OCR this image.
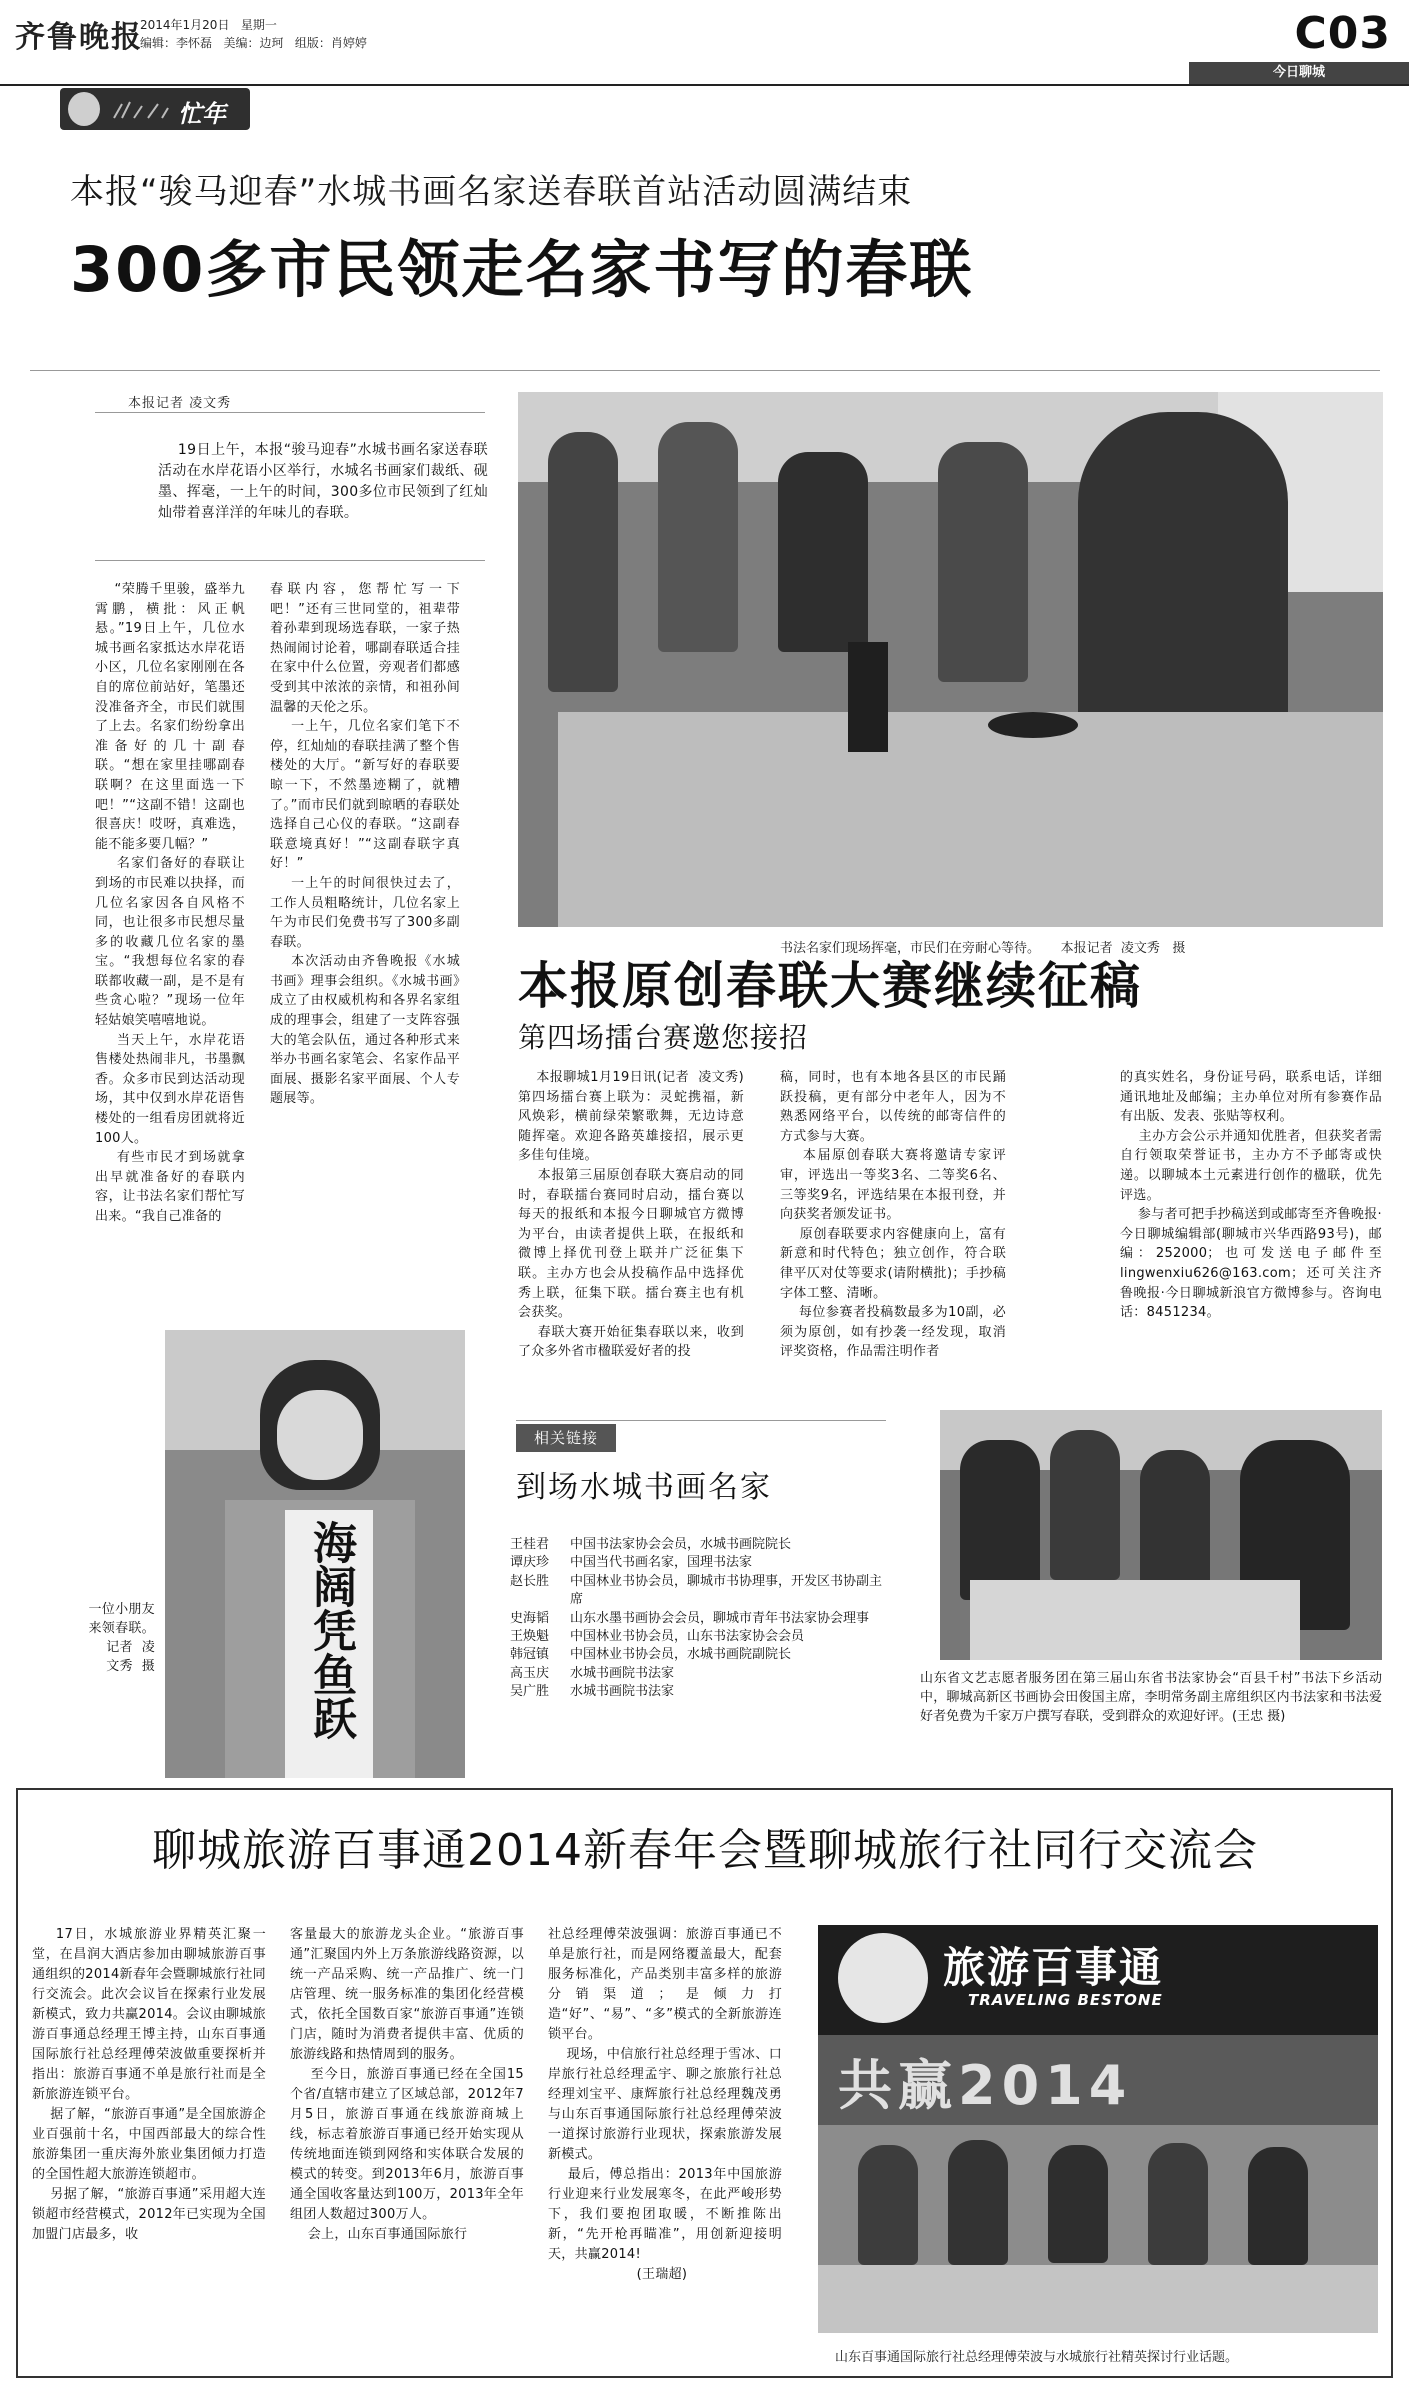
齐鲁晚报
2014年1月20日   星期一
编辑：李怀磊   美编：边珂   组版：肖婷婷	C03
今日聊城
忙年
本报“骏马迎春”水城书画名家送春联首站活动圆满结束
300多市民领走名家书写的春联
本报记者 凌文秀
19日上午，本报“骏马迎春”水城书画名家送春联活动在水岸花语小区举行，水城名书画家们裁纸、砚墨、挥毫，一上午的时间，300多位市民领到了红灿灿带着喜洋洋的年味儿的春联。
“荣腾千里骏，盛举九霄鹏，横批：风正帆悬。”19日上午，几位水城书画名家抵达水岸花语小区，几位名家刚刚在各自的席位前站好，笔墨还没准备齐全，市民们就围了上去。名家们纷纷拿出准备好的几十副春联。“想在家里挂哪副春联啊？在这里面选一下吧！”“这副不错！这副也很喜庆！哎呀，真难选，能不能多要几幅？”
名家们备好的春联让到场的市民难以抉择，而几位名家因各自风格不同，也让很多市民想尽量多的收藏几位名家的墨宝。“我想每位名家的春联都收藏一副，是不是有些贪心啦？”现场一位年轻姑娘笑嘻嘻地说。
当天上午，水岸花语售楼处热闹非凡，书墨飘香。众多市民到达活动现场，其中仅到水岸花语售楼处的一组看房团就将近100人。
有些市民才到场就拿出早就准备好的春联内容，让书法名家们帮忙写出来。“我自己准备的
春联内容，您帮忙写一下吧！”还有三世同堂的，祖辈带着孙辈到现场选春联，一家子热热闹闹讨论着，哪副春联适合挂在家中什么位置，旁观者们都感受到其中浓浓的亲情，和祖孙间温馨的天伦之乐。
一上午，几位名家们笔下不停，红灿灿的春联挂满了整个售楼处的大厅。“新写好的春联要晾一下，不然墨迹糊了，就糟了。”而市民们就到晾晒的春联处选择自己心仪的春联。“这副春联意境真好！”“这副春联字真好！”
一上午的时间很快过去了，工作人员粗略统计，几位名家上午为市民们免费书写了300多副春联。
本次活动由齐鲁晚报《水城书画》理事会组织。《水城书画》成立了由权威机构和各界名家组成的理事会，组建了一支阵容强大的笔会队伍，通过各种形式来举办书画名家笔会、名家作品平面展、摄影名家平面展、个人专题展等。
书法名家们现场挥毫，市民们在旁耐心等待。     本报记者  凌文秀   摄
海阔凭鱼跃
一位小朋友来领春联。
记者  凌文秀  摄
本报原创春联大赛继续征稿
第四场擂台赛邀您接招
本报聊城1月19日讯(记者  凌文秀)  第四场擂台赛上联为：灵蛇携福，新风焕彩，横前绿荣繁歌舞，无边诗意随挥毫。欢迎各路英雄接招，展示更多佳句佳境。
本报第三届原创春联大赛启动的同时，春联擂台赛同时启动，擂台赛以每天的报纸和本报今日聊城官方微博为平台，由读者提供上联，在报纸和微博上择优刊登上联并广泛征集下联。主办方也会从投稿作品中选择优秀上联，征集下联。擂台赛主也有机会获奖。
春联大赛开始征集春联以来，收到了众多外省市楹联爱好者的投
稿，同时，也有本地各县区的市民踊跃投稿，更有部分中老年人，因为不熟悉网络平台，以传统的邮寄信件的方式参与大赛。
本届原创春联大赛将邀请专家评审，评选出一等奖3名、二等奖6名、三等奖9名，评选结果在本报刊登，并向获奖者颁发证书。
原创春联要求内容健康向上，富有新意和时代特色；独立创作，符合联律平仄对仗等要求(请附横批)；手抄稿字体工整、清晰。
每位参赛者投稿数最多为10副，必须为原创，如有抄袭一经发现，取消评奖资格，作品需注明作者
的真实姓名，身份证号码，联系电话，详细通讯地址及邮编；主办单位对所有参赛作品有出版、发表、张贴等权利。
主办方会公示并通知优胜者，但获奖者需自行领取荣誉证书，主办方不予邮寄或快递。以聊城本土元素进行创作的楹联，优先评选。
参与者可把手抄稿送到或邮寄至齐鲁晚报·今日聊城编辑部(聊城市兴华西路93号)，邮编：252000；也可发送电子邮件至lingwenxiu626@163.com；还可关注齐鲁晚报·今日聊城新浪官方微博参与。咨询电话：8451234。
相关链接
到场水城书画名家
王桂君	中国书法家协会会员，水城书画院院长
谭庆珍	中国当代书画名家，国理书法家
赵长胜	中国林业书协会员，聊城市书协理事，开发区书协副主席
史海韬	山东水墨书画协会会员，聊城市青年书法家协会理事
王焕魁	中国林业书协会员，山东书法家协会会员
韩冠镇	中国林业书协会员，水城书画院副院长
高玉庆	水城书画院书法家
吴广胜	水城书画院书法家
山东省文艺志愿者服务团在第三届山东省书法家协会“百县千村”书法下乡活动中，聊城高新区书画协会田俊国主席，李明常务副主席组织区内书法家和书法爱好者免费为千家万户撰写春联，受到群众的欢迎好评。(王忠 摄)
聊城旅游百事通2014新春年会暨聊城旅行社同行交流会
17日，水城旅游业界精英汇聚一堂，在昌润大酒店参加由聊城旅游百事通组织的2014新春年会暨聊城旅行社同行交流会。此次会议旨在探索行业发展新模式，致力共赢2014。会议由聊城旅游百事通总经理王博主持，山东百事通国际旅行社总经理傅荣波做重要探析并指出：旅游百事通不单是旅行社而是全新旅游连锁平台。
据了解，“旅游百事通”是全国旅游企业百强前十名，中国西部最大的综合性旅游集团一重庆海外旅业集团倾力打造的全国性超大旅游连锁超市。
另据了解，“旅游百事通”采用超大连锁超市经营模式，2012年已实现为全国加盟门店最多，收
客量最大的旅游龙头企业。“旅游百事通”汇聚国内外上万条旅游线路资源，以统一产品采购、统一产品推广、统一门店管理、统一服务标准的集团化经营模式，依托全国数百家“旅游百事通”连锁门店，随时为消费者提供丰富、优质的旅游线路和热情周到的服务。
至今日，旅游百事通已经在全国15个省/直辖市建立了区域总部，2012年7月5日，旅游百事通在线旅游商城上线，标志着旅游百事通已经开始实现从传统地面连锁到网络和实体联合发展的模式的转变。到2013年6月，旅游百事通全国收客量达到100万，2013年全年组团人数超过300万人。
会上，山东百事通国际旅行
社总经理傅荣波强调：旅游百事通已不单是旅行社，而是网络覆盖最大，配套服务标准化，产品类别丰富多样的旅游分销渠道；是倾力打造“好”、“易”、“多”模式的全新旅游连锁平台。
现场，中信旅行社总经理于雪冰、口岸旅行社总经理孟宇、聊之旅旅行社总经理刘宝平、康辉旅行社总经理魏茂勇与山东百事通国际旅行社总经理傅荣波一道探讨旅游行业现状，探索旅游发展新模式。
最后，傅总指出：2013年中国旅游行业迎来行业发展寒冬，在此严峻形势下，我们要抱团取暖，不断推陈出新，“先开枪再瞄准”，用创新迎接明天，共赢2014!
(王瑞超)
旅游百事通
TRAVELING BESTONE
共赢2014
山东百事通国际旅行社总经理傅荣波与水城旅行社精英探讨行业话题。
